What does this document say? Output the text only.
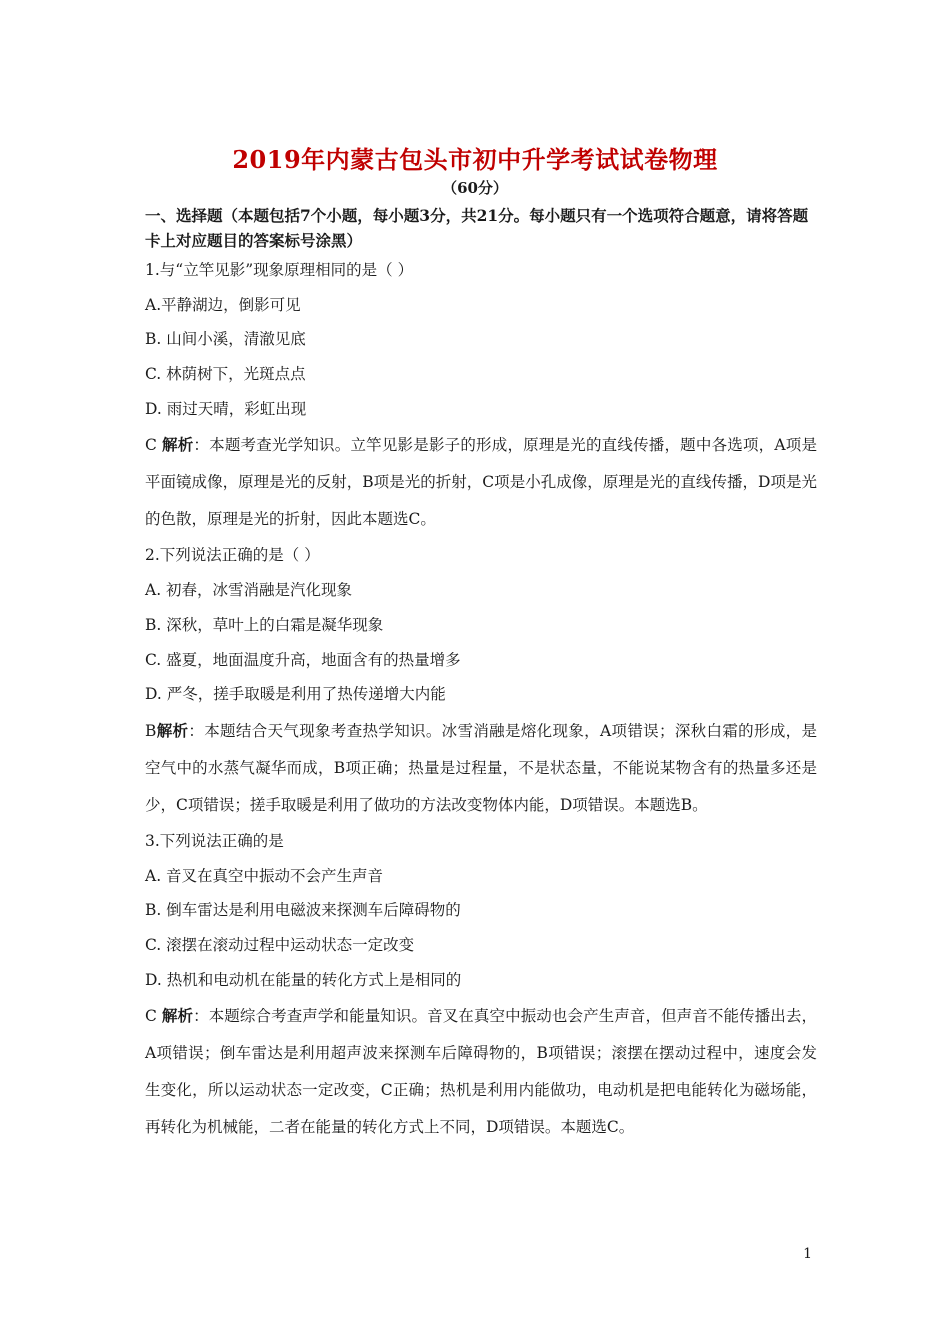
2019年内蒙古包头市初中升学考试试卷物理
（60分）
一、选择题（本题包括7个小题，每小题3分，共21分。每小题只有一个选项符合题意，请将答题卡上对应题目的答案标号涂黑）
1.与“立竿见影”现象原理相同的是（ ）
A.平静湖边，倒影可见
B. 山间小溪，清澈见底
C. 林荫树下，光斑点点
D. 雨过天晴，彩虹出现
C 解析：本题考查光学知识。立竿见影是影子的形成，原理是光的直线传播，题中各选项，A项是平面镜成像，原理是光的反射，B项是光的折射，C项是小孔成像，原理是光的直线传播，D项是光的色散，原理是光的折射，因此本题选C。
2.下列说法正确的是（ ）
A. 初春，冰雪消融是汽化现象
B. 深秋，草叶上的白霜是凝华现象
C. 盛夏，地面温度升高，地面含有的热量增多
D. 严冬，搓手取暖是利用了热传递增大内能
B解析：本题结合天气现象考查热学知识。冰雪消融是熔化现象，A项错误；深秋白霜的形成，是空气中的水蒸气凝华而成，B项正确；热量是过程量，不是状态量，不能说某物含有的热量多还是少，C项错误；搓手取暖是利用了做功的方法改变物体内能，D项错误。本题选B。
3.下列说法正确的是
A. 音叉在真空中振动不会产生声音
B. 倒车雷达是利用电磁波来探测车后障碍物的
C. 滚摆在滚动过程中运动状态一定改变
D. 热机和电动机在能量的转化方式上是相同的
C 解析：本题综合考查声学和能量知识。音叉在真空中振动也会产生声音，但声音不能传播出去，A项错误；倒车雷达是利用超声波来探测车后障碍物的，B项错误；滚摆在摆动过程中，速度会发生变化，所以运动状态一定改变，C正确；热机是利用内能做功，电动机是把电能转化为磁场能，再转化为机械能，二者在能量的转化方式上不同，D项错误。本题选C。
1
